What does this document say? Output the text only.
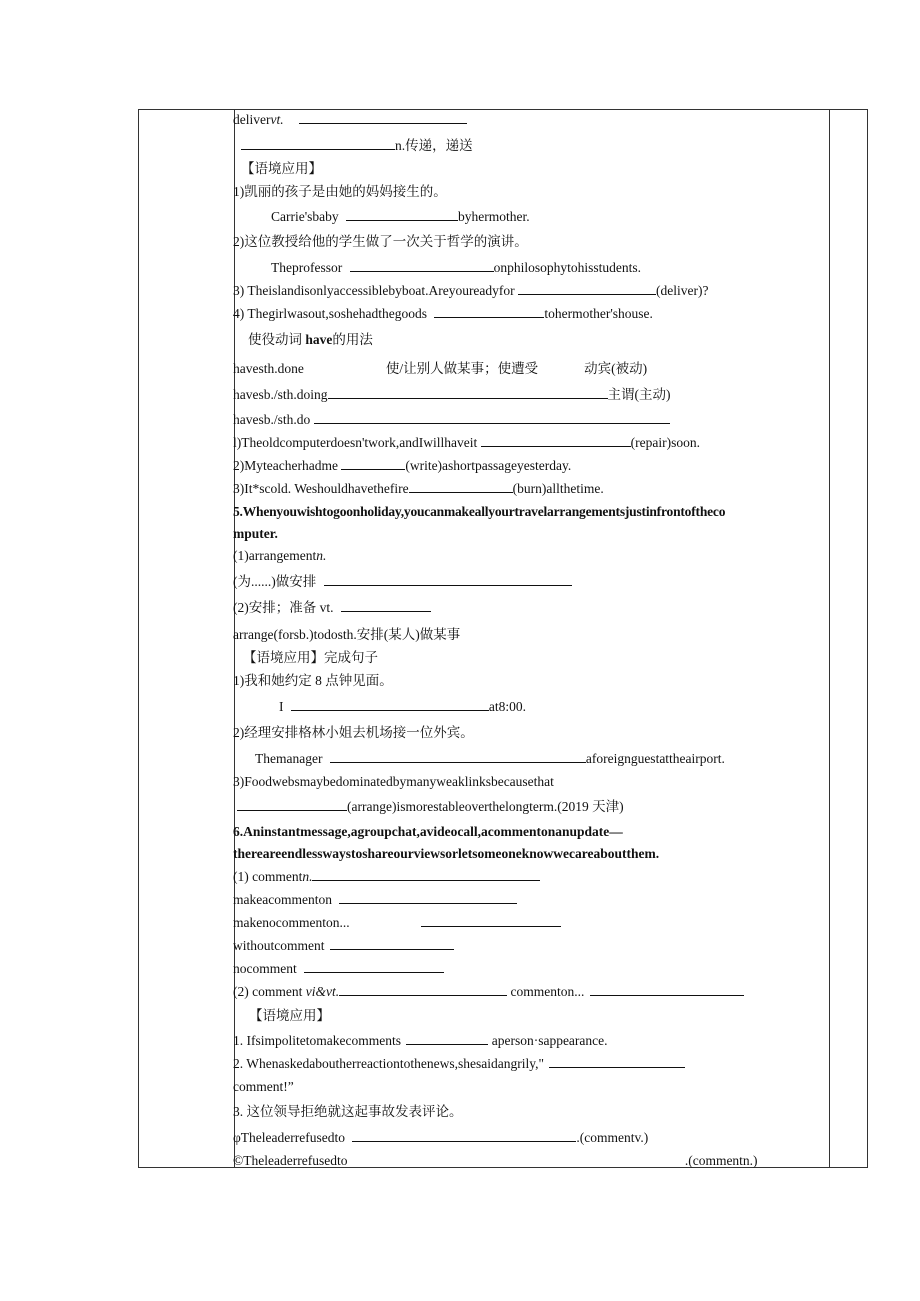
delivervt.
n.传递，递送
【语境应用】
1)凯丽的孩子是由她的妈妈接生的。
Carrie'sbaby	byhermother.
2)这位教授给他的学生做了一次关于哲学的演讲。
Theprofessor	onphilosophytohisstudents.
3) Theislandisonlyaccessiblebyboat.Areyoureadyfor	(deliver)?
4) Thegirlwasout,soshehadthegoods	tohermother'shouse.
使役动词 have的用法
havesth.done	使/让别人做某事；使遭受	动宾(被动)
havesb./sth.doing	主谓(主动)
havesb./sth.do
l)Theoldcomputerdoesn'twork,andIwillhaveit	(repair)soon.
2)Myteacherhadme	(write)ashortpassageyesterday.
3)It*scold. Weshouldhavethefire	(burn)allthetime.
5.Whenyouwishtogoonholiday,youcanmakeallyourtravelarrangementsjustinfrontoftheco
mputer.
(1)arrangementn.
(为......)做安排
(2)安排；准备 vt.
arrange(forsb.)todosth.安排(某人)做某事
【语境应用】完成句子
1)我和她约定 8 点钟见面。
I	at8:00.
2)经理安排格林小姐去机场接一位外宾。
Themanager	aforeignguestattheairport.
3)Foodwebsmaybedominatedbymanyweaklinksbecausethat
(arrange)ismorestableoverthelongterm.(2019 天津)
6.Aninstantmessage,agroupchat,avideocall,acommentonanupdate—
thereareendlesswaystoshareourviewsorletsomeoneknowwecareaboutthem.
(1) commentn.
makeacommenton
makenocommenton...
withoutcomment
nocomment
(2) comment vi&vt.	commenton...
【语境应用】
1. Ifsimpolitetomakecomments	aperson·sappearance.
2. Whenaskedaboutherreactiontothenews,shesaidangrily,"
comment!”
3. 这位领导拒绝就这起事故发表评论。
φTheleaderrefusedto	.(commentv.)
©Theleaderrefusedto	.(commentn.)
